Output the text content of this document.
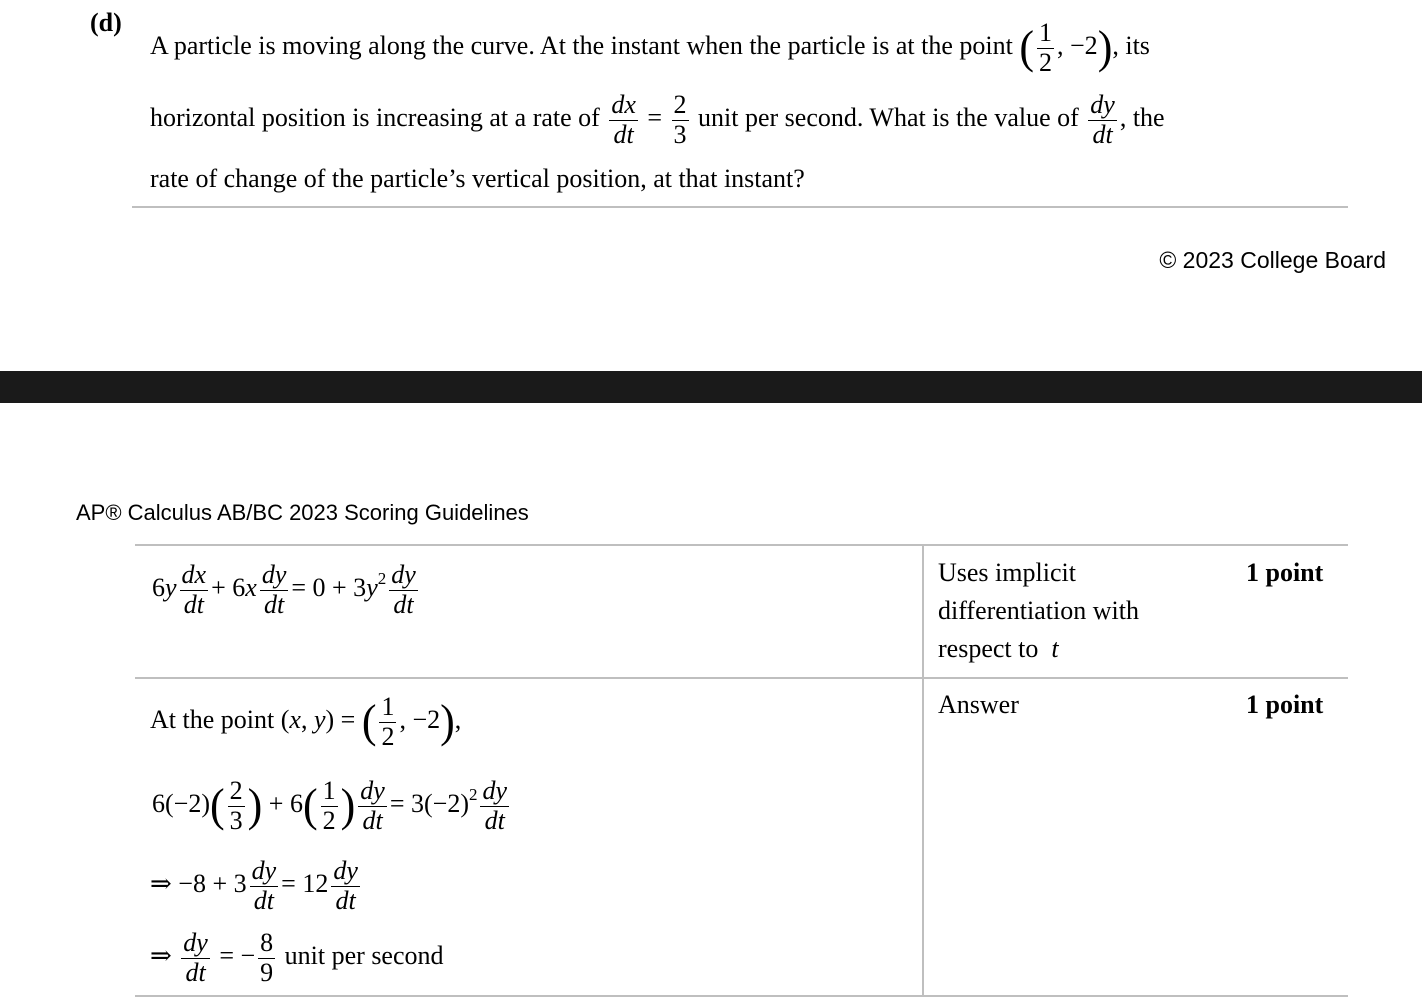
(d)
A particle is moving along the curve. At the instant when the particle is at the point ( $\frac{1}{2}$ , −2), its
horizontal position is increasing at a rate of $\frac{dx}{dt} = \frac{2}{3}$ unit per second. What is the value of $\frac{dy}{dt}$ , the
rate of change of the particle’s vertical position, at that instant?
© 2023 College Board
AP® Calculus AB/BC 2023 Scoring Guidelines
$6y \frac{dx}{dt} + 6x \frac{dy}{dt} = 0 + 3y^2 \frac{dy}{dt}$	Uses implicit differentiation with respect to t
1 point
At the point (x, y) = ( $\frac{1}{2}$ , −2),
$6(-2)( \frac{2}{3}$ ) + $6( \frac{1}{2}$ ) $\frac{dy}{dt} = 3(-2)^2 \frac{dy}{dt}$
⇒ $-8 + 3 \frac{dy}{dt} = 12 \frac{dy}{dt}$
⇒ $\frac{dy}{dt}$ = − $\frac{8}{9}$ unit per second
Answer	1 point
